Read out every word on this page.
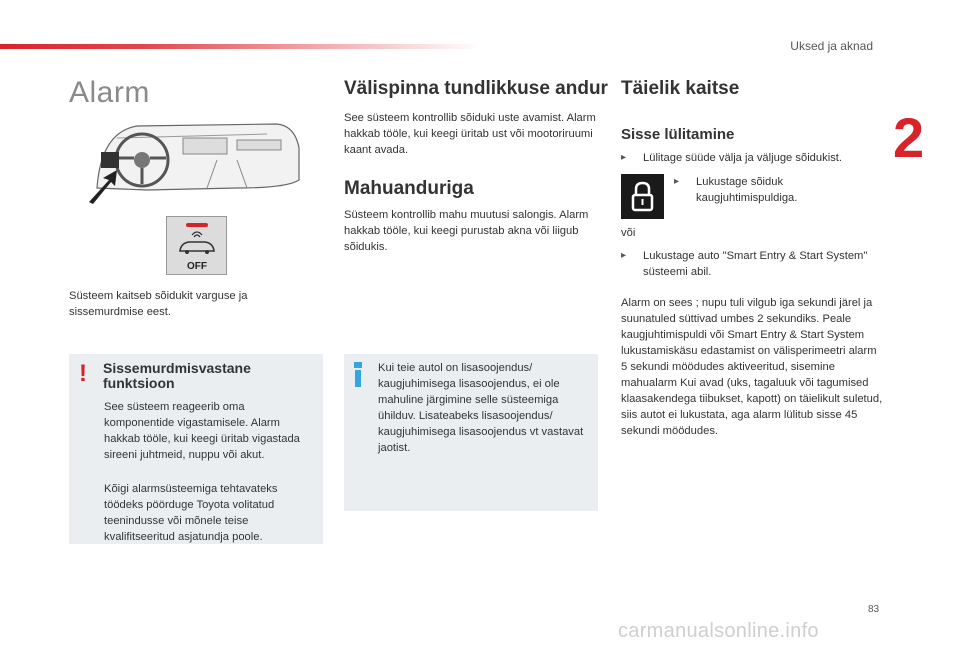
Uksed ja aknad
2
Alarm
OFF

Süsteem kaitseb sõidukit varguse ja sissemurdmise eest.

! Sissemurdmisvastane funktsioon

See süsteem reageerib oma komponentide vigastamisele. Alarm hakkab tööle, kui keegi üritab vigastada sireeni juhtmeid, nuppu või akut.

Kõigi alarmsüsteemiga tehtavateks töödeks pöörduge Toyota volitatud teenindusse või mõnele teise kvalifitseeritud asjatundja poole.

Välispinna tundlikkuse andur

See süsteem kontrollib sõiduki uste avamist. Alarm hakkab tööle, kui keegi üritab ust või mootoriruumi kaant avada.

Mahuanduriga

Süsteem kontrollib mahu muutusi salongis. Alarm hakkab tööle, kui keegi purustab akna või liigub sõidukis.

Kui teie autol on lisasoojendus/ kaugjuhimisega lisasoojendus, ei ole mahuline järgimine selle süsteemiga ühilduv. Lisateabeks lisasoojendus/ kaugjuhimisega lisasoojendus vt vastavat jaotist.

Täielik kaitse
Sisse lülitamine
▸ Lülitage süüde välja ja väljuge sõidukist.
▸ Lukustage sõiduk kaugjuhtimispuldiga.

või

▸ Lukustage auto "Smart Entry & Start System" süsteemi abil.

Alarm on sees ; nupu tuli vilgub iga sekundi järel ja suunatuled süttivad umbes 2 sekundiks. Peale kaugjuhtimispuldi või Smart Entry & Start System lukustamiskäsu edastamist on välisperimeetri alarm 5 sekundi möödudes aktiveeritud, sisemine mahualarm Kui avad (uks, tagaluuk või tagumised klaasakendega tiibukset, kapott) on täielikult suletud, siis autot ei lukustata, aga alarm lülitub sisse 45 sekundi möödudes.

83
carmanualsonline.info
